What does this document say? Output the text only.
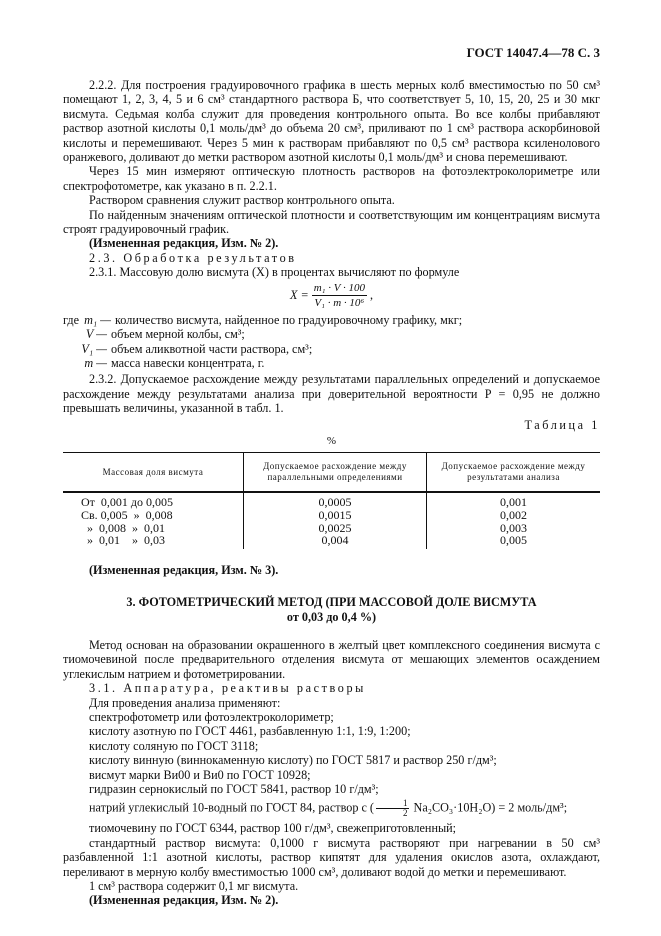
ГОСТ 14047.4—78 С. 3

2.2.2. Для построения градуировочного графика в шесть мерных колб вместимостью по 50 см³ помещают 1, 2, 3, 4, 5 и 6 см³ стандартного раствора Б, что соответствует 5, 10, 15, 20, 25 и 30 мкг висмута. Седьмая колба служит для проведения контрольного опыта. Во все колбы прибавляют раствор азотной кислоты 0,1 моль/дм³ до объема 20 см³, приливают по 1 см³ раствора аскорбиновой кислоты и перемешивают. Через 5 мин к растворам прибавляют по 0,5 см³ раствора ксиленолового оранжевого, доливают до метки раствором азотной кислоты 0,1 моль/дм³ и снова перемешивают.

Через 15 мин измеряют оптическую плотность растворов на фотоэлектроколориметре или спектрофотометре, как указано в п. 2.2.1.

Раствором сравнения служит раствор контрольного опыта.

По найденным значениям оптической плотности и соответствующим им концентрациям висмута строят градуировочный график.

(Измененная редакция, Изм. № 2).

2.3. Обработка результатов

2.3.1. Массовую долю висмута (X) в процентах вычисляют по формуле

$X = \frac{\text{m₁ · V · 100}}{\text{V₁ · m · 10⁶}}$ ,
где m₁ — количество висмута, найденное по градуировочному графику, мкг;
V — объем мерной колбы, см³;
V₁ — объем аликвотной части раствора, см³;
m — масса навески концентрата, г.

2.3.2. Допускаемое расхождение между результатами параллельных определений и допускаемое расхождение между результатами анализа при доверительной вероятности P = 0,95 не должно превышать величины, указанной в табл. 1.

Таблица 1
%
Массовая доля висмута	Допускаемое расхождение между параллельными определениями	Допускаемое расхождение между результатами анализа
От  0,001 до 0,005	0,0005	0,001
Св. 0,005  »  0,008	0,0015	0,002
»  0,008  »  0,01	0,0025	0,003
»  0,01    »  0,03	0,004	0,005

(Измененная редакция, Изм. № 3).

3. ФОТОМЕТРИЧЕСКИЙ МЕТОД (ПРИ МАССОВОЙ ДОЛЕ ВИСМУТА

от 0,03 до 0,4 %)

Метод основан на образовании окрашенного в желтый цвет комплексного соединения висмута с тиомочевиной после предварительного отделения висмута от мешающих элементов осаждением углекислым натрием и фотометрировании.

3.1. Аппаратура, реактивы растворы

Для проведения анализа применяют:

спектрофотометр или фотоэлектроколориметр;

кислоту азотную по ГОСТ 4461, разбавленную 1:1, 1:9, 1:200;

кислоту соляную по ГОСТ 3118;

кислоту винную (виннокаменную кислоту) по ГОСТ 5817 и раствор 250 г/дм³;

висмут марки Ви00 и Ви0 по ГОСТ 10928;

гидразин сернокислый по ГОСТ 5841, раствор 10 г/дм³;

натрий углекислый 10-водный по ГОСТ 84, раствор с ( $\frac{1}{2} Na_2CO_3\cdot 10H_2O) = 2$ моль/дм³;

тиомочевину по ГОСТ 6344, раствор 100 г/дм³, свежеприготовленный;

стандартный раствор висмута: 0,1000 г висмута растворяют при нагревании в 50 см³ разбавленной 1:1 азотной кислоты, раствор кипятят для удаления окислов азота, охлаждают, переливают в мерную колбу вместимостью 1000 см³, доливают водой до метки и перемешивают.

1 см³ раствора содержит 0,1 мг висмута.

(Измененная редакция, Изм. № 2).
